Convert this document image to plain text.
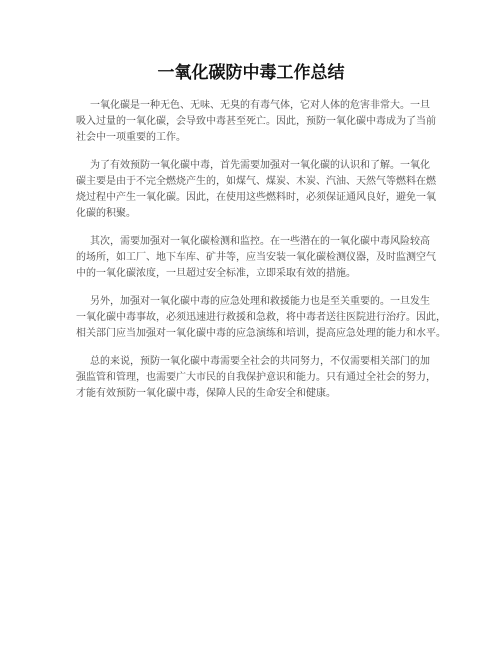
一氧化碳防中毒工作总结

一氧化碳是一种无色、无味、无臭的有毒气体，它对人体的危害非常大。一旦
吸入过量的一氧化碳，会导致中毒甚至死亡。因此，预防一氧化碳中毒成为了当前
社会中一项重要的工作。

为了有效预防一氧化碳中毒，首先需要加强对一氧化碳的认识和了解。一氧化
碳主要是由于不完全燃烧产生的，如煤气、煤炭、木炭、汽油、天然气等燃料在燃
烧过程中产生一氧化碳。因此，在使用这些燃料时，必须保证通风良好，避免一氧
化碳的积聚。

其次，需要加强对一氧化碳检测和监控。在一些潜在的一氧化碳中毒风险较高
的场所，如工厂、地下车库、矿井等，应当安装一氧化碳检测仪器，及时监测空气
中的一氧化碳浓度，一旦超过安全标准，立即采取有效的措施。

另外，加强对一氧化碳中毒的应急处理和救援能力也是至关重要的。一旦发生
一氧化碳中毒事故，必须迅速进行救援和急救，将中毒者送往医院进行治疗。因此，
相关部门应当加强对一氧化碳中毒的应急演练和培训，提高应急处理的能力和水平。

总的来说，预防一氧化碳中毒需要全社会的共同努力，不仅需要相关部门的加
强监管和管理，也需要广大市民的自我保护意识和能力。只有通过全社会的努力，
才能有效预防一氧化碳中毒，保障人民的生命安全和健康。
